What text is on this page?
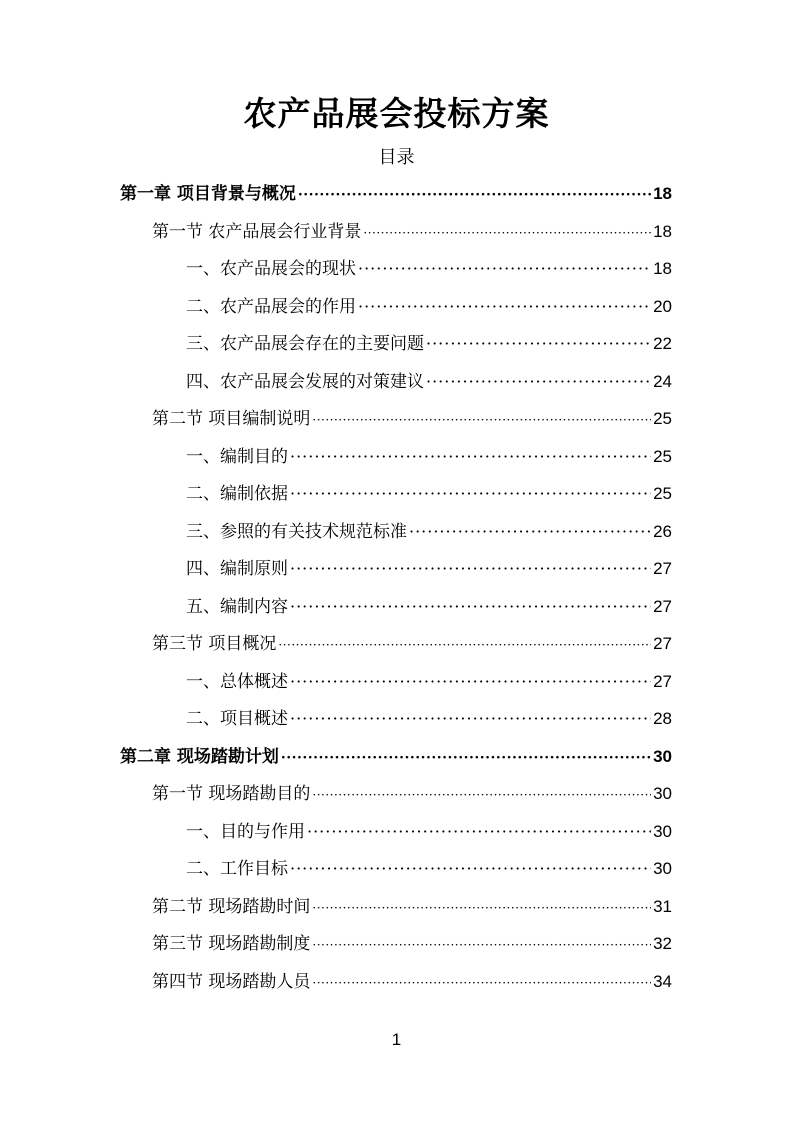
农产品展会投标方案
目录
第一章 项目背景与概况 ·····	18
第一节 农产品展会行业背景 ·····	18
一、农产品展会的现状 ·····	18
二、农产品展会的作用 ·····	20
三、农产品展会存在的主要问题 ·····	22
四、农产品展会发展的对策建议 ·····	24
第二节 项目编制说明 ·····	25
一、编制目的 ·····	25
二、编制依据 ·····	25
三、参照的有关技术规范标准 ·····	26
四、编制原则 ·····	27
五、编制内容 ·····	27
第三节 项目概况 ·····	27
一、总体概述 ·····	27
二、项目概述 ·····	28
第二章 现场踏勘计划 ·····	30
第一节 现场踏勘目的 ·····	30
一、目的与作用 ·····	30
二、工作目标 ·····	30
第二节 现场踏勘时间 ·····	31
第三节 现场踏勘制度 ·····	32
第四节 现场踏勘人员 ·····	34
1
